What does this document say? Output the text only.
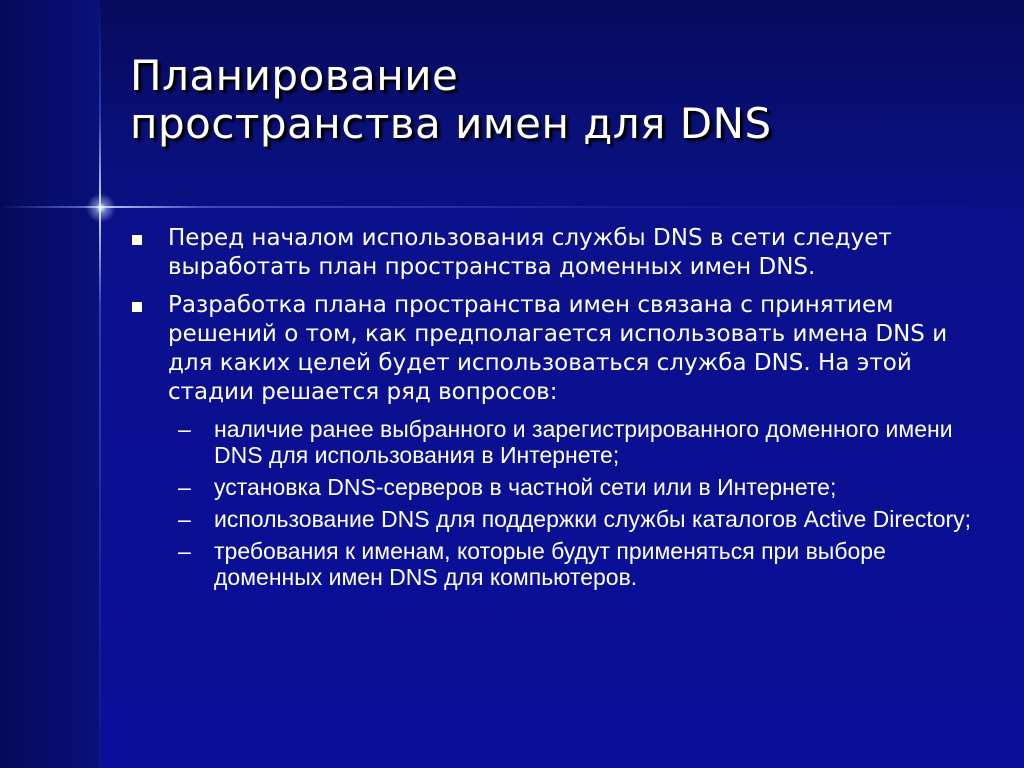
Планирование
пространства имен для DNS
Перед началом использования службы DNS в сети следует выработать план пространства доменных имен DNS.
Разработка плана пространства имен связана с принятием решений о том, как предполагается использовать имена DNS и для каких целей будет использоваться служба DNS. На этой стадии решается ряд вопросов:
– наличие ранее выбранного и зарегистрированного доменного имени DNS для использования в Интернете;
– установка DNS-серверов в частной сети или в Интернете;
– использование DNS для поддержки службы каталогов Active Directory;
– требования к именам, которые будут применяться при выборе доменных имен DNS для компьютеров.
